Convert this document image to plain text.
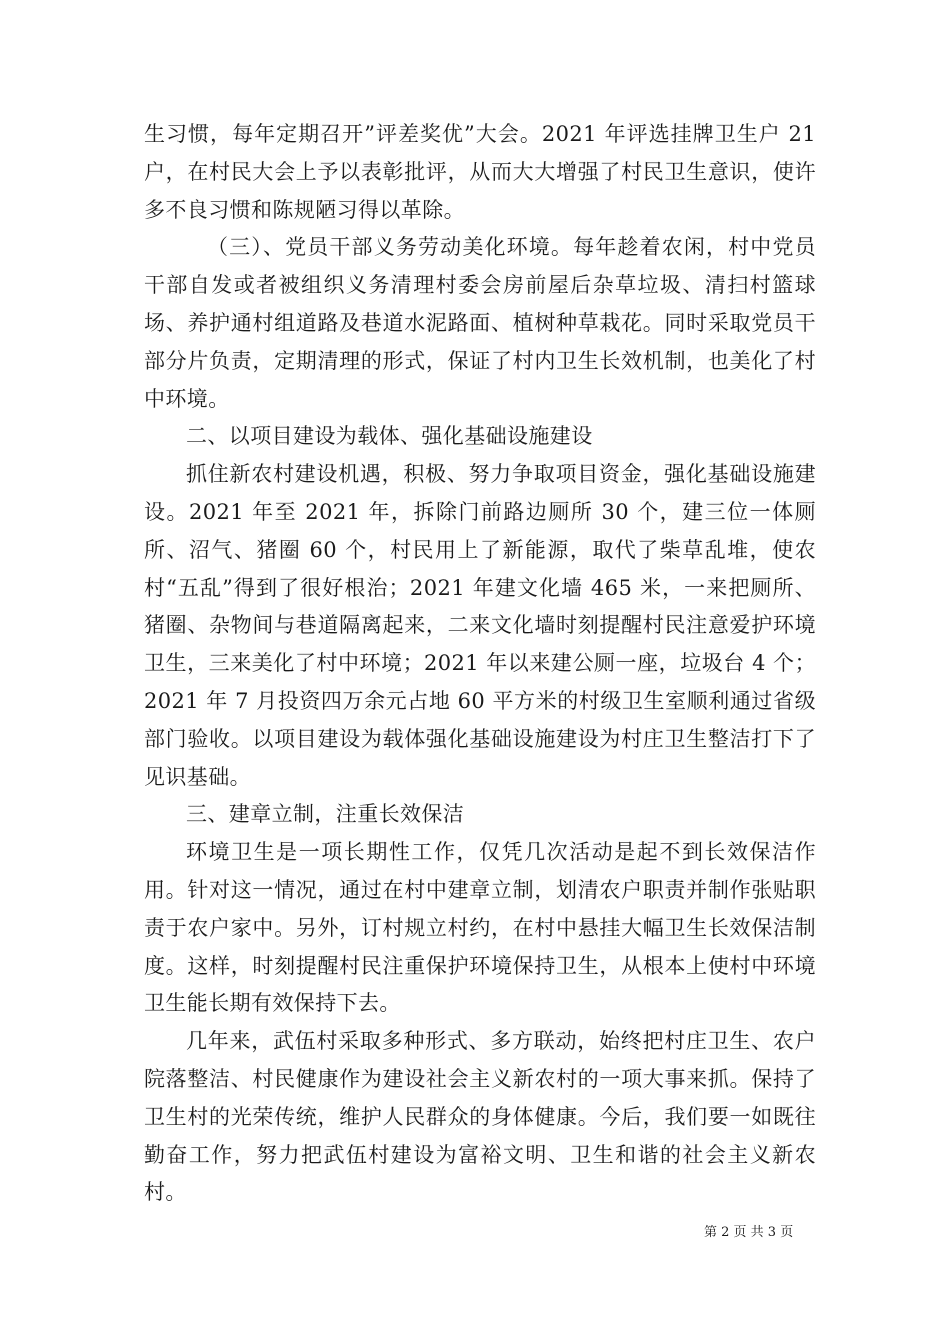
生习惯，每年定期召开”评差奖优”大会。2021 年评选挂牌卫生户 21 户，在村民大会上予以表彰批评，从而大大增强了村民卫生意识，使许多不良习惯和陈规陋习得以革除。

（三）、党员干部义务劳动美化环境。每年趁着农闲，村中党员干部自发或者被组织义务清理村委会房前屋后杂草垃圾、清扫村篮球场、养护通村组道路及巷道水泥路面、植树种草栽花。同时采取党员干部分片负责，定期清理的形式，保证了村内卫生长效机制，也美化了村中环境。

二、以项目建设为载体、强化基础设施建设

抓住新农村建设机遇，积极、努力争取项目资金，强化基础设施建设。2021 年至 2021 年，拆除门前路边厕所 30 个，建三位一体厕所、沼气、猪圈 60 个，村民用上了新能源，取代了柴草乱堆，使农村“五乱”得到了很好根治；2021 年建文化墙 465 米，一来把厕所、猪圈、杂物间与巷道隔离起来，二来文化墙时刻提醒村民注意爱护环境卫生，三来美化了村中环境；2021 年以来建公厕一座，垃圾台 4 个；2021 年 7 月投资四万余元占地 60 平方米的村级卫生室顺利通过省级部门验收。以项目建设为载体强化基础设施建设为村庄卫生整洁打下了见识基础。

三、建章立制，注重长效保洁

环境卫生是一项长期性工作，仅凭几次活动是起不到长效保洁作用。针对这一情况，通过在村中建章立制，划清农户职责并制作张贴职责于农户家中。另外，订村规立村约，在村中悬挂大幅卫生长效保洁制度。这样，时刻提醒村民注重保护环境保持卫生，从根本上使村中环境卫生能长期有效保持下去。

几年来，武伍村采取多种形式、多方联动，始终把村庄卫生、农户院落整洁、村民健康作为建设社会主义新农村的一项大事来抓。保持了卫生村的光荣传统，维护人民群众的身体健康。今后，我们要一如既往勤奋工作，努力把武伍村建设为富裕文明、卫生和谐的社会主义新农村。

第 2 页 共 3 页
